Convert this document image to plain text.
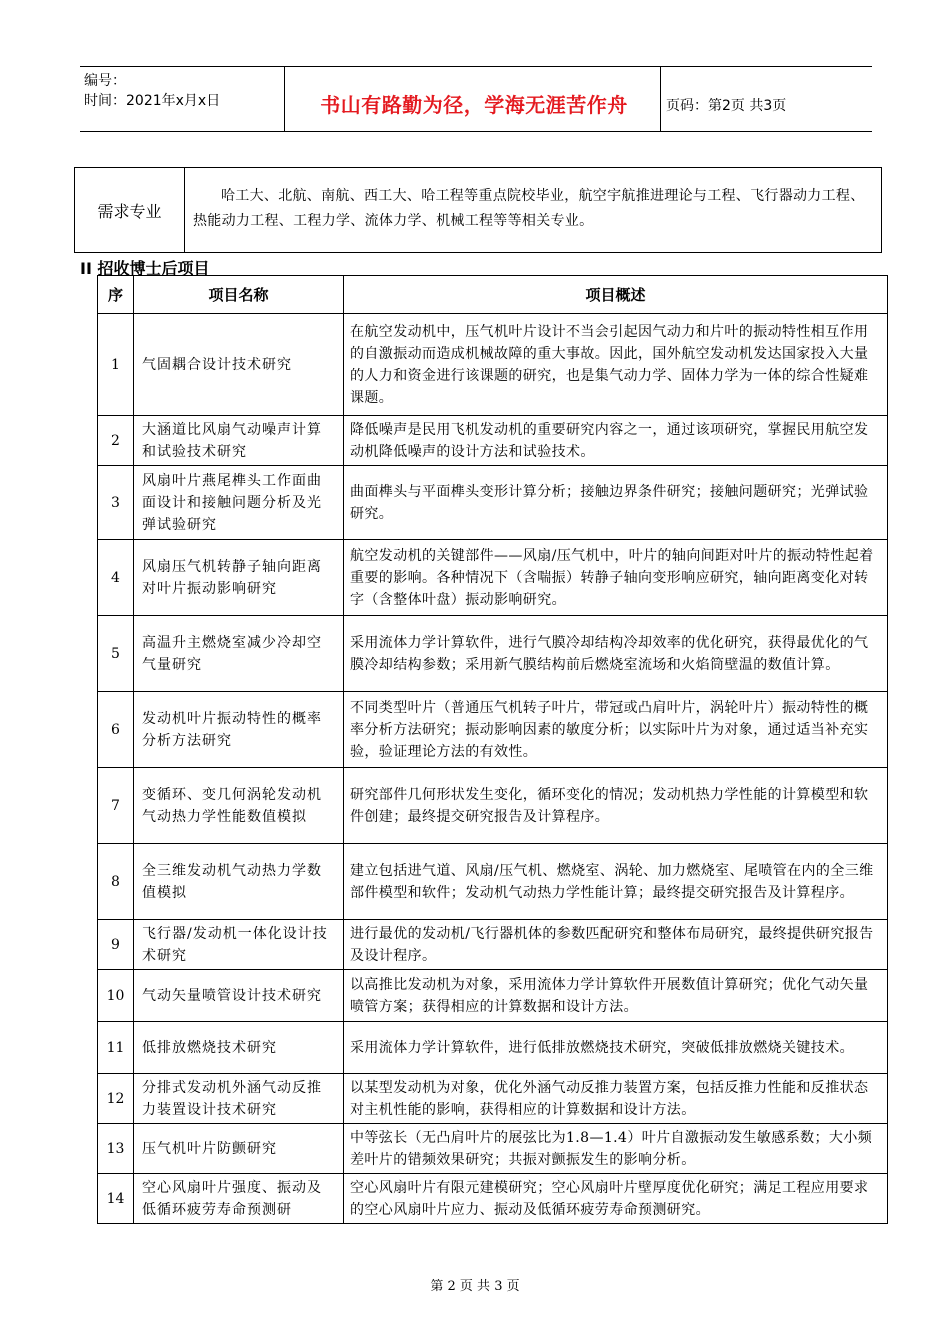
编号：
时间：2021年x月x日	书山有路勤为径，学海无涯苦作舟	页码：第2页 共3页
需求专业
哈工大、北航、南航、西工大、哈工程等重点院校毕业，航空宇航推进理论与工程、飞行器动力工程、热能动力工程、工程力学、流体力学、机械工程等等相关专业。
II 招收博士后项目
序	项目名称	项目概述
1	气固耦合设计技术研究	在航空发动机中，压气机叶片设计不当会引起因气动力和片叶的振动特性相互作用的自激振动而造成机械故障的重大事故。因此，国外航空发动机发达国家投入大量的人力和资金进行该课题的研究，也是集气动力学、固体力学为一体的综合性疑难课题。
2	大涵道比风扇气动噪声计算和试验技术研究	降低噪声是民用飞机发动机的重要研究内容之一，通过该项研究，掌握民用航空发动机降低噪声的设计方法和试验技术。
3	风扇叶片燕尾榫头工作面曲面设计和接触问题分析及光弹试验研究	曲面榫头与平面榫头变形计算分析；接触边界条件研究；接触问题研究；光弹试验研究。
4	风扇压气机转静子轴向距离对叶片振动影响研究	航空发动机的关键部件——风扇/压气机中，叶片的轴向间距对叶片的振动特性起着重要的影响。各种情况下（含喘振）转静子轴向变形响应研究，轴向距离变化对转字（含整体叶盘）振动影响研究。
5	高温升主燃烧室减少冷却空气量研究	采用流体力学计算软件，进行气膜冷却结构冷却效率的优化研究，获得最优化的气膜冷却结构参数；采用新气膜结构前后燃烧室流场和火焰筒壁温的数值计算。
6	发动机叶片振动特性的概率分析方法研究	不同类型叶片（普通压气机转子叶片，带冠或凸肩叶片，涡轮叶片）振动特性的概率分析方法研究；振动影响因素的敏度分析；以实际叶片为对象，通过适当补充实验，验证理论方法的有效性。
7	变循环、变几何涡轮发动机气动热力学性能数值模拟	研究部件几何形状发生变化，循环变化的情况；发动机热力学性能的计算模型和软件创建；最终提交研究报告及计算程序。
8	全三维发动机气动热力学数值模拟	建立包括进气道、风扇/压气机、燃烧室、涡轮、加力燃烧室、尾喷管在内的全三维部件模型和软件；发动机气动热力学性能计算；最终提交研究报告及计算程序。
9	飞行器/发动机一体化设计技术研究	进行最优的发动机/飞行器机体的参数匹配研究和整体布局研究，最终提供研究报告及设计程序。
10	气动矢量喷管设计技术研究	以高推比发动机为对象，采用流体力学计算软件开展数值计算研究；优化气动矢量喷管方案；获得相应的计算数据和设计方法。
11	低排放燃烧技术研究	采用流体力学计算软件，进行低排放燃烧技术研究，突破低排放燃烧关键技术。
12	分排式发动机外涵气动反推力装置设计技术研究	以某型发动机为对象，优化外涵气动反推力装置方案，包括反推力性能和反推状态对主机性能的影响，获得相应的计算数据和设计方法。
13	压气机叶片防颤研究	中等弦长（无凸肩叶片的展弦比为1.8—1.4）叶片自激振动发生敏感系数；大小频差叶片的错频效果研究；共振对颤振发生的影响分析。
14	空心风扇叶片强度、振动及低循环疲劳寿命预测研	空心风扇叶片有限元建模研究；空心风扇叶片壁厚度优化研究；满足工程应用要求的空心风扇叶片应力、振动及低循环疲劳寿命预测研究。
第 2 页 共 3 页
